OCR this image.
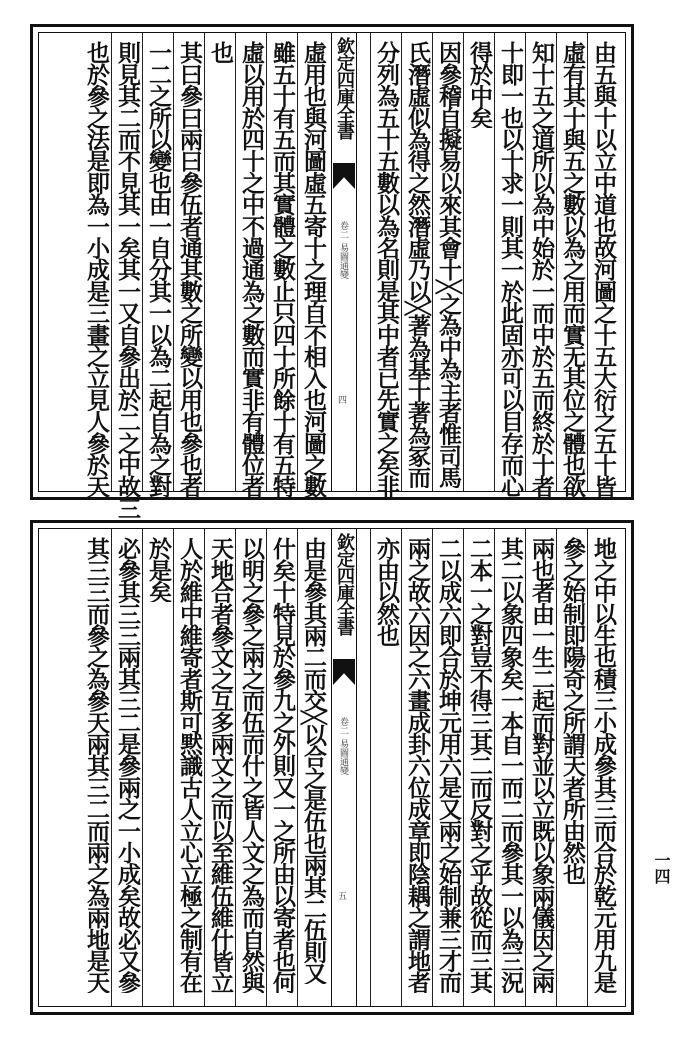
由五與十以立中道也故河圖之十五大衍之五十皆
虛有其十與五之數以為之用而實无其位之體也欲
知十五之道所以為中始於一而中於五而終於十者
十即一也以十求一則其一於此固亦可以目存而心
得於中矣
因參稽自擬易以來其會十╳之為中為主者惟司馬
氏潛虛似為得之然潛虛乃以╳著為基十著為冢而
分列為五十五數以為名則是其中者已先實之矣非
欽定四庫全書
卷二
易圖通變
四
虛用也與河圖虛五寄十之理自不相入也河圖之數
雖五十有五而其實體之數止只四十所餘十有五特
虛以用於四十之中不過通為之數而實非有體位者
也
其曰參曰兩曰參伍者通其數之所變以用也參也者
一二之所以變也由一自分其一以為二起自為之對
則見其二而不見其一矣其一又自參出於二之中故三
也於參之法是即為一小成是三畫之立見人參於天
地之中以生也積三小成參其三而合於乾元用九是
參之始制即陽奇之所謂天者所由然也
兩也者由一生二起而對並以立既以象兩儀因之兩
其二以象四象矣一本自一而二而參其一以為三況
二本一之對豈不得三其二而反對之乎故從而三其
二以成六即合於坤元用六是又兩之始制兼三才而
兩之故六因之六畫成卦六位成章即陰耦之謂地者
亦由以然也
欽定四庫全書
卷二
易圖通變
五
由是參其兩二而交╳以合之是伍也兩其二伍則又
什矣十特見於參九之外則又一之所由以寄者也何
以明之參之兩之而伍而什之皆人文之為而自然與
天地合者參文之互多兩文之而以至維伍維什皆立
人於維中維寄者斯可黙識古人立心立極之制有在
於是矣
必參其三三兩其三二是參兩之一小成矣故必又參
其三三而參之為參天兩其三二而兩之為兩地是天	一四
